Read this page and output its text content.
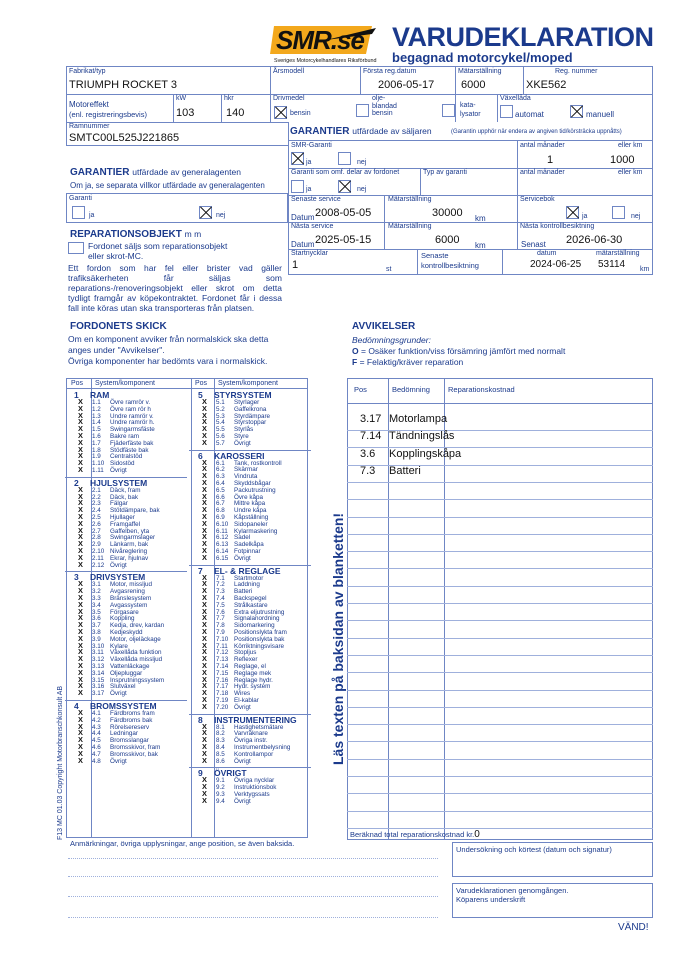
SMR.se
Sveriges Motorcykelhandlares Riksförbund
VARUDEKLARATION
begagnad motorcykel/moped
Fabrikat/typ
TRIUMPH ROCKET 3
Årsmodell	Första reg.datum
2006-05-17
Mätarställning
6000
Reg. nummer
XKE562
Motoreffekt
(enl. registreringsbevis)
kW
103
hkr
140
Drivmedel
bensin
olje-
blandad
bensin
kata-
lysator
Växellåda
automat	manuell
Ramnummer
SMTC00L525J221865
GARANTIER utfärdade av säljaren	(Garantin upphör när endera av angiven tid/körsträcka uppnåtts)
SMR-Garanti
ja	nej
antal månader	eller km
1	1000
Garanti som omf. delar av fordonet
ja	nej
Typ av garanti	antal månader	eller km
Senaste service	Mätarställning	Servicebok
Datum 2008-05-05	30000 km	ja	nej
Nästa service	Mätarställning	Nästa kontrollbesiktning
Datum 2025-05-15	6000 km	Senast 2026-06-30
Startnycklar
1	st
Senaste
kontrollbesiktning
datum	mätarställning
2024-06-25 53114 km
GARANTIER utfärdade av generalagenten
Om ja, se separata villkor utfärdade av generalagenten
Garanti
ja	nej
REPARATIONSOBJEKT m m
Fordonet säljs som reparationsobjekt
eller skrot-MC.
Ett fordon som har fel eller brister vad gäller trafiksäkerheten får säljas som reparations-/renoveringsobjekt eller skrot om detta tydligt framgår av köpekontraktet. Fordonet får i dessa fall inte köras utan ska transporteras från platsen.
FORDONETS SKICK
Om en komponent avviker från normalskick ska detta anges under "Avvikelser".
Övriga komponenter har bedömts vara i normalskick.
AVVIKELSER
Bedömningsgrunder:
O = Osäker funktion/viss försämring jämfört med normalt
F = Felaktig/kräver reparation
Pos System/komponent	Pos System/komponent
1 RAM
X 1.1 Övre ramrör v.
X 1.2 Övre ram rör h
X 1.3 Undre ramrör v.
X 1.4 Undre ramrör h.
X 1.5 Swingarmsfäste
X 1.6 Bakre ram
X 1.7 Fjäderfäste bak
X 1.8 Stödfästе bak
X 1.9 Centralstöd
X 1.10 Sidostöd
X 1.11 Övrigt
2 HJULSYSTEM
X 2.1 Däck, fram
X 2.2 Däck, bak
X 2.3 Fälgar
X 2.4 Stötdämpare, bak
X 2.5 Hjullager
X 2.6 Framgaffel
X 2.7 Gaffelben, yta
X 2.8 Swingarmslager
X 2.9 Länkarm, bak
X 2.10 Nivåreglering
X 2.11 Ekrar, hjulnav
X 2.12 Övrigt
3 DRIVSYSTEM
X 3.1 Motor, misslјud
X 3.2 Avgasrening
X 3.3 Bränslesystem
X 3.4 Avgassystem
X 3.5 Förgasare
X 3.6 Koppling
X 3.7 Kedja, drev, kardan
X 3.8 Kedjeskydd
X 3.9 Motor, oljeläckage
X 3.10 Kylare
X 3.11 Växellåda funktion
X 3.12 Växellåda missljud
X 3.13 Vattenläckage
X 3.14 Oljepluggar
X 3.15 Insprutningssystem
X 3.16 Slutväxel
X 3.17 Övrigt
4 BROMSSYSTEM
X 4.1 Färdbroms fram
X 4.2 Färdbroms bak
X 4.3 Rörelsereserv
X 4.4 Ledningar
X 4.5 Bromsslangar
X 4.6 Bromsskivor, fram
X 4.7 Bromsskivor, bak
X 4.8 Övrigt
5 STYRSYSTEM
X 5.1 Styrlager
X 5.2 Gaffelkrona
X 5.3 Styrdämpare
X 5.4 Styrstoppar
X 5.5 Styrlås
X 5.6 Styre
X 5.7 Övrigt
6 KAROSSERI
X 6.1 Tank, rostkontroll
X 6.2 Skärmar
X 6.3 Vindruta
X 6.4 Skyddsbågar
X 6.5 Packutrustning
X 6.6 Övre kåpa
X 6.7 Mittre kåpa
X 6.8 Undre kåpa
X 6.9 Kåpställning
X 6.10 Sidopaneler
X 6.11 Kylarmaskering
X 6.12 Sadel
X 6.13 Sadelkåpa
X 6.14 Fotpinnar
X 6.15 Övrigt
7 EL- & REGLAGE
X 7.1 Startmotor
X 7.2 Laddning
X 7.3 Batteri
X 7.4 Backspegel
X 7.5 Strålkastare
X 7.6 Extra eljutrustning
X 7.7 Signalanordning
X 7.8 Sidomarkering
X 7.9 Positionslykta fram
X 7.10 Positionslykta bak
X 7.11 Körriktningsvisare
X 7.12 Stopljus
X 7.13 Reflexer
X 7.14 Reglage, el
X 7.15 Reglage mek
X 7.16 Reglage hydr.
X 7.17 Hydr. system
X 7.18 Wires
X 7.19 El-kablar
X 7.20 Övrigt
8 INSTRUMENTERING
X 8.1 Hastighetsmätare
X 8.2 Varvräknare
X 8.3 Övriga instr.
X 8.4 Instrumentbelysning
X 8.5 Kontrollampor
X 8.6 Övrigt
9 ÖVRIGT
X 9.1 Övriga nycklar
X 9.2 Instruktionsbok
X 9.3 Verktygssats
X 9.4 Övrigt
Pos	Bedömning Reparationskostnad
3.17 Motorlampa
7.14 Tändningslås
3.6 Kopplingskåpa
7.3 Batteri
Beräknad total reparationskostnad kr.0
Läs texten på baksidan av blanketten!
F13 MC 01.03 Copyright Motorbranschkonsult AB
Anmärkningar, övriga upplysningar, ange position, se även baksida.
Undersökning och körtest (datum och signatur)
Varudeklarationen genomgången.
Köparens underskrift
VÄND!
